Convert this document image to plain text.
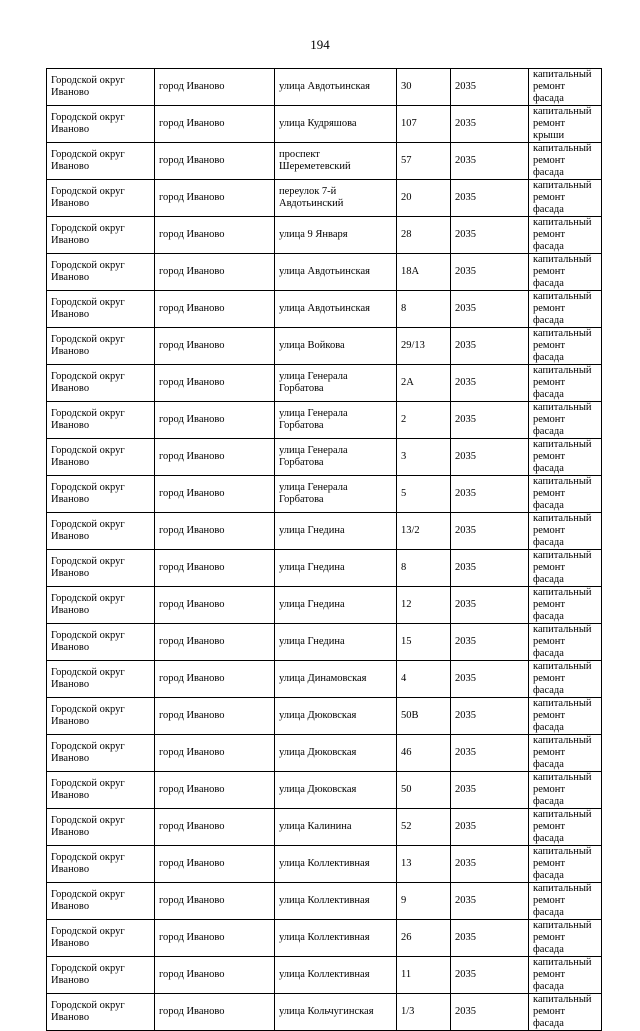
194
Городской округ Иваново	город Иваново	улица Авдотьинская	30	2035	капитальный ремонт фасада
Городской округ Иваново	город Иваново	улица Кудряшова	107	2035	капитальный ремонт крыши
Городской округ Иваново	город Иваново	проспект Шереметевский	57	2035	капитальный ремонт фасада
Городской округ Иваново	город Иваново	переулок 7-й Авдотьинский	20	2035	капитальный ремонт фасада
Городской округ Иваново	город Иваново	улица 9 Января	28	2035	капитальный ремонт фасада
Городской округ Иваново	город Иваново	улица Авдотьинская	18А	2035	капитальный ремонт фасада
Городской округ Иваново	город Иваново	улица Авдотьинская	8	2035	капитальный ремонт фасада
Городской округ Иваново	город Иваново	улица Войкова	29/13	2035	капитальный ремонт фасада
Городской округ Иваново	город Иваново	улица Генерала Горбатова	2А	2035	капитальный ремонт фасада
Городской округ Иваново	город Иваново	улица Генерала Горбатова	2	2035	капитальный ремонт фасада
Городской округ Иваново	город Иваново	улица Генерала Горбатова	3	2035	капитальный ремонт фасада
Городской округ Иваново	город Иваново	улица Генерала Горбатова	5	2035	капитальный ремонт фасада
Городской округ Иваново	город Иваново	улица Гнедина	13/2	2035	капитальный ремонт фасада
Городской округ Иваново	город Иваново	улица Гнедина	8	2035	капитальный ремонт фасада
Городской округ Иваново	город Иваново	улица Гнедина	12	2035	капитальный ремонт фасада
Городской округ Иваново	город Иваново	улица Гнедина	15	2035	капитальный ремонт фасада
Городской округ Иваново	город Иваново	улица Динамовская	4	2035	капитальный ремонт фасада
Городской округ Иваново	город Иваново	улица Дюковская	50В	2035	капитальный ремонт фасада
Городской округ Иваново	город Иваново	улица Дюковская	46	2035	капитальный ремонт фасада
Городской округ Иваново	город Иваново	улица Дюковская	50	2035	капитальный ремонт фасада
Городской округ Иваново	город Иваново	улица Калинина	52	2035	капитальный ремонт фасада
Городской округ Иваново	город Иваново	улица Коллективная	13	2035	капитальный ремонт фасада
Городской округ Иваново	город Иваново	улица Коллективная	9	2035	капитальный ремонт фасада
Городской округ Иваново	город Иваново	улица Коллективная	26	2035	капитальный ремонт фасада
Городской округ Иваново	город Иваново	улица Коллективная	11	2035	капитальный ремонт фасада
Городской округ Иваново	город Иваново	улица Кольчугинская	1/3	2035	капитальный ремонт фасада
